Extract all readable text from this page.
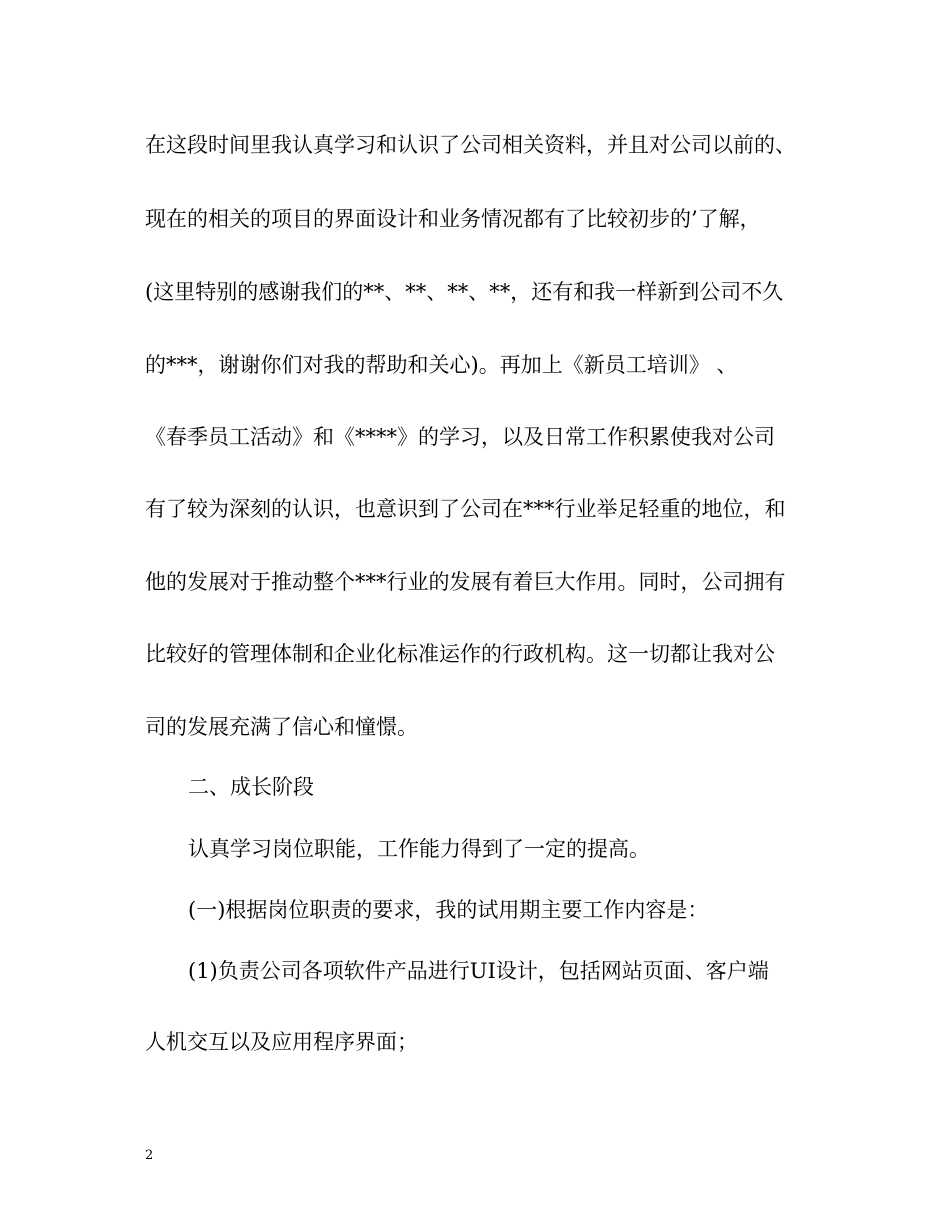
在这段时间里我认真学习和认识了公司相关资料，并且对公司以前的、
现在的相关的项目的界面设计和业务情况都有了比较初步的’了解，
(这里特别的感谢我们的**、**、**、**，还有和我一样新到公司不久
的***，谢谢你们对我的帮助和关心)。再加上《新员工培训》 、
《春季员工活动》和《****》的学习，以及日常工作积累使我对公司
有了较为深刻的认识，也意识到了公司在***行业举足轻重的地位，和
他的发展对于推动整个***行业的发展有着巨大作用。同时，公司拥有
比较好的管理体制和企业化标准运作的行政机构。这一切都让我对公
司的发展充满了信心和憧憬。
二、成长阶段
认真学习岗位职能，工作能力得到了一定的提高。
(一)根据岗位职责的要求，我的试用期主要工作内容是：
(1)负责公司各项软件产品进行UI设计，包括网站页面、客户端
人机交互以及应用程序界面；
2
